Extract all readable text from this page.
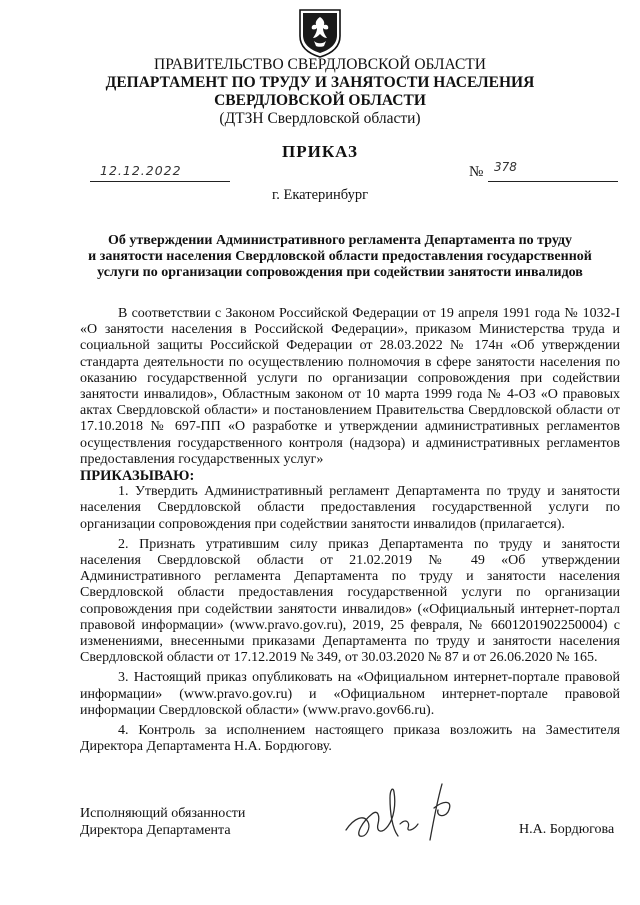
ПРАВИТЕЛЬСТВО СВЕРДЛОВСКОЙ ОБЛАСТИ
ДЕПАРТАМЕНТ ПО ТРУДУ И ЗАНЯТОСТИ НАСЕЛЕНИЯ
СВЕРДЛОВСКОЙ ОБЛАСТИ
(ДТЗН Свердловской области)
ПРИКАЗ
12.12.2022	№ 378
г. Екатеринбург
Об утверждении Административного регламента Департамента по труду
и занятости населения Свердловской области предоставления государственной
услуги по организации сопровождения при содействии занятости инвалидов

В соответствии с Законом Российской Федерации от 19 апреля 1991 года № 1032-I «О занятости населения в Российской Федерации», приказом Министерства труда и социальной защиты Российской Федерации от 28.03.2022 № 174н «Об утверждении стандарта деятельности по осуществлению полномочия в сфере занятости населения по оказанию государственной услуги по организации сопровождения при содействии занятости инвалидов», Областным законом от 10 марта 1999 года № 4-ОЗ «О правовых актах Свердловской области» и постановлением Правительства Свердловской области от 17.10.2018 № 697-ПП «О разработке и утверждении административных регламентов осуществления государственного контроля (надзора) и административных регламентов предоставления государственных услуг»

ПРИКАЗЫВАЮ:

1. Утвердить Административный регламент Департамента по труду и занятости населения Свердловской области предоставления государственной услуги по организации сопровождения при содействии занятости инвалидов (прилагается).

2. Признать утратившим силу приказ Департамента по труду и занятости населения Свердловской области от 21.02.2019 № 49 «Об утверждении Административного регламента Департамента по труду и занятости населения Свердловской области предоставления государственной услуги по организации сопровождения при содействии занятости инвалидов» («Официальный интернет-портал правовой информации» (www.pravo.gov.ru), 2019, 25 февраля, № 6601201902250004) с изменениями, внесенными приказами Департамента по труду и занятости населения Свердловской области от 17.12.2019 № 349, от 30.03.2020 № 87 и от 26.06.2020 № 165.

3. Настоящий приказ опубликовать на «Официальном интернет-портале правовой информации» (www.pravo.gov.ru) и «Официальном интернет-портале правовой информации Свердловской области» (www.pravo.gov66.ru).

4. Контроль за исполнением настоящего приказа возложить на Заместителя Директора Департамента Н.А. Бордюгову.

Исполняющий обязанности
Директора Департамента	Н.А. Бордюгова
